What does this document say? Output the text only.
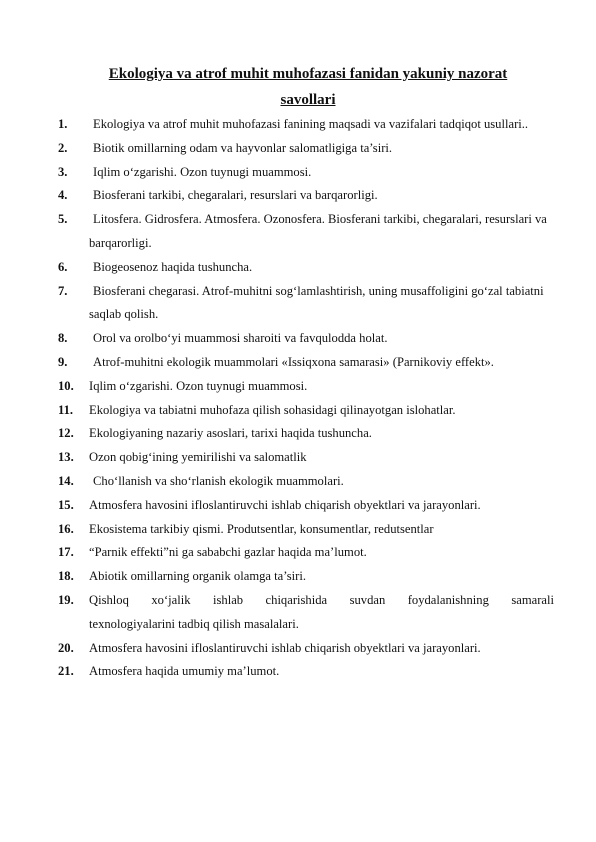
Ekologiya va atrof muhit muhofazasi fanidan yakuniy nazorat
savollari
1. Ekologiya va atrof muhit muhofazasi fanining maqsadi va vazifalari tadqiqot usullari..
2. Biotik omillarning odam va hayvonlar salomatligiga ta’siri.
3. Iqlim o‘zgarishi. Ozon tuynugi muammosi.
4. Biosferani tarkibi, chegaralari, resurslari va barqarorligi.
5.	Litosfera. Gidrosfera. Atmosfera. Ozonosfera. Biosferani tarkibi, chegaralari, resurslari va barqarorligi.
6. Biogeosenoz haqida tushuncha.
7.	Biosferani chegarasi. Atrof-muhitni sog‘lamlashtirish, uning musaffoligini go‘zal tabiatni saqlab qolish.
8. Orol va orolbo‘yi muammosi sharoiti va favqulodda holat.
9. Atrof-muhitni ekologik muammolari «Issiqxona samarasi» (Parnikoviy effekt».
10. Iqlim o‘zgarishi. Ozon tuynugi muammosi.
11. Ekologiya va tabiatni muhofaza qilish sohasidagi qilinayotgan islohatlar.
12. Ekologiyaning nazariy asoslari, tarixi haqida tushuncha.
13. Ozon qobig‘ining yemirilishi va salomatlik
14. Cho‘llanish va sho‘rlanish ekologik muammolari.
15. Atmosfera havosini ifloslantiruvchi ishlab chiqarish obyektlari va jarayonlari.
16. Ekosistema tarkibiy qismi. Produtsentlar, konsumentlar, redutsentlar
17. “Parnik effekti”ni ga sababchi gazlar haqida ma’lumot.
18. Abiotik omillarning organik olamga ta’siri.
19. Qishloq xo‘jalik ishlab chiqarishida suvdan foydalanishning samarali
texnologiyalarini tadbiq qilish masalalari.
20. Atmosfera havosini ifloslantiruvchi ishlab chiqarish obyektlari va jarayonlari.
21. Atmosfera haqida umumiy ma’lumot.
